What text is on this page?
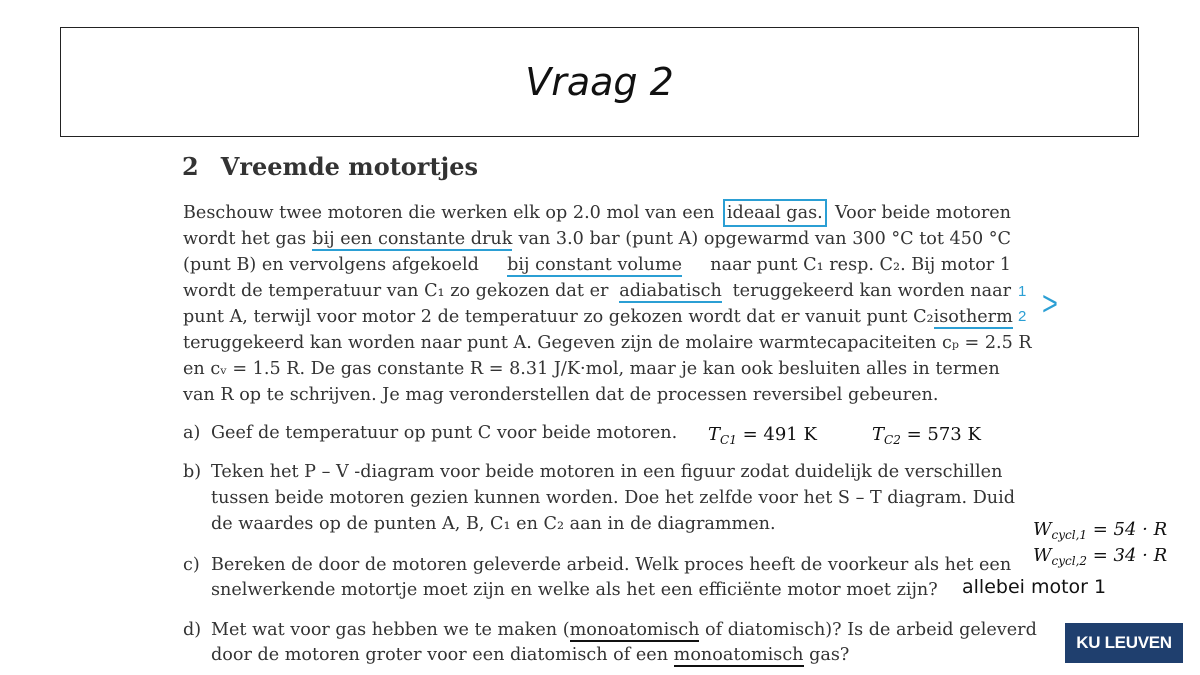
Vraag 2
2 Vreemde motortjes
Beschouw twee motoren die werken elk op 2.0 mol van een ideaal gas. Voor beide motoren
wordt het gas bij een constante druk van 3.0 bar (punt A) opgewarmd van 300 °C tot 450 °C
(punt B) en vervolgens afgekoeld bij constant volume naar punt C₁ resp. C₂. Bij motor 1
wordt de temperatuur van C₁ zo gekozen dat er adiabatisch teruggekeerd kan worden naar
punt A, terwijl voor motor 2 de temperatuur zo gekozen wordt dat er vanuit punt C₂ isotherm
teruggekeerd kan worden naar punt A. Gegeven zijn de molaire warmtecapaciteiten cₚ = 2.5 R
en cᵥ = 1.5 R. De gas constante R = 8.31 J/K·mol, maar je kan ook besluiten alles in termen
van R op te schrijven. Je mag veronderstellen dat de processen reversibel gebeuren.
1
2 >
a) Geef de temperatuur op punt C voor beide motoren. $T_{C1} = 491$ K	$T_{C2} = 573$ K
b) Teken het P – V -diagram voor beide motoren in een figuur zodat duidelijk de verschillen
tussen beide motoren gezien kunnen worden. Doe het zelfde voor het S – T diagram. Duid
de waardes op de punten A, B, C₁ en C₂ aan in de diagrammen.
c) Bereken de door de motoren geleverde arbeid. Welk proces heeft de voorkeur als het een
snelwerkende motortje moet zijn en welke als het een efficiënte motor moet zijn?
$W_{cycl,1} = 54 \cdot R$
$W_{cycl,2} = 34 \cdot R$
allebei motor 1
d) Met wat voor gas hebben we te maken (monoatomisch of diatomisch)? Is de arbeid geleverd
door de motoren groter voor een diatomisch of een monoatomisch gas?
KU LEUVEN
